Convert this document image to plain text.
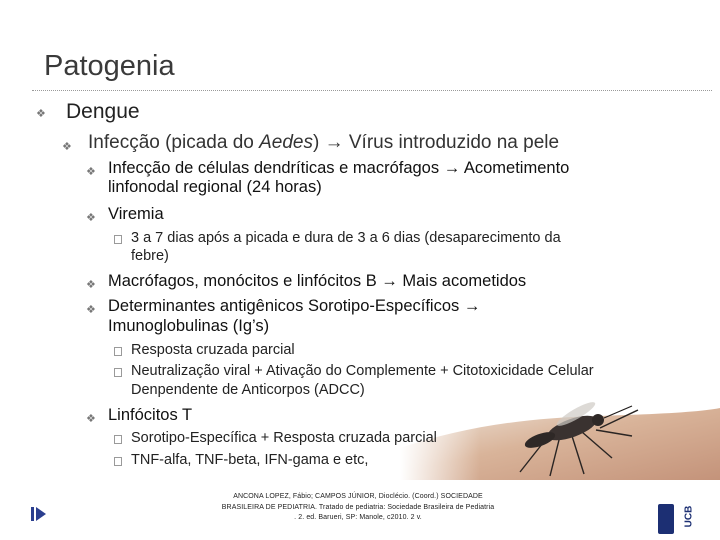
Patogenia
❖ Dengue
❖ Infecção (picada do Aedes) → Vírus introduzido na pele
❖ Infecção de células dendríticas e macrófagos → Acometimento
linfonodal regional (24 horas)
❖ Viremia
3 a 7 dias após a picada e dura de 3 a 6 dias (desaparecimento da
febre)
❖ Macrófagos, monócitos e linfócitos B → Mais acometidos
❖ Determinantes antigênicos Sorotipo-Específicos →
Imunoglobulinas (Ig’s)
Resposta cruzada parcial
Neutralização viral + Ativação do Complemente + Citotoxicidade Celular
Denpendente de Anticorpos (ADCC)
❖ Linfócitos T
Sorotipo-Específica + Resposta cruzada parcial
TNF-alfa, TNF-beta, IFN-gama e etc,
ANCONA LOPEZ, Fábio; CAMPOS JÚNIOR, Dioclécio. (Coord.) SOCIEDADE
BRASILEIRA DE PEDIATRIA. Tratado de pediatria: Sociedade Brasileira de Pediatria
. 2. ed. Barueri, SP: Manole, c2010. 2 v.	UCB
